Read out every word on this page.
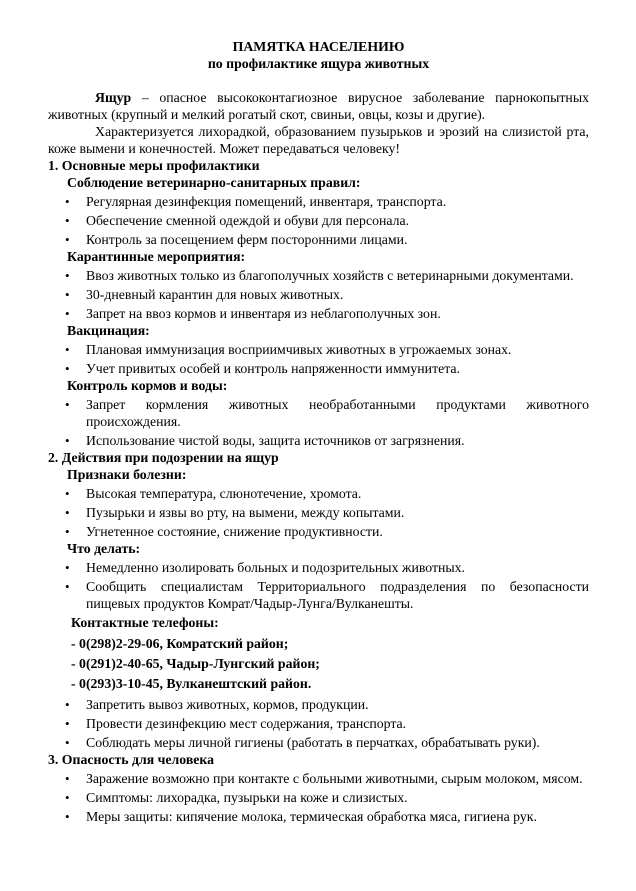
ПАМЯТКА НАСЕЛЕНИЮ

по профилактике ящура животных

Ящур – опасное высококонтагиозное вирусное заболевание парнокопытных животных (крупный и мелкий рогатый скот, свиньи, овцы, козы и другие).

Характеризуется лихорадкой, образованием пузырьков и эрозий на слизистой рта, коже вымени и конечностей. Может передаваться человеку!

1. Основные меры профилактики

Соблюдение ветеринарно-санитарных правил:

• Регулярная дезинфекция помещений, инвентаря, транспорта.
• Обеспечение сменной одеждой и обуви для персонала.
• Контроль за посещением ферм посторонними лицами.

Карантинные мероприятия:

• Ввоз животных только из благополучных хозяйств с ветеринарными документами.
• 30-дневный карантин для новых животных.
• Запрет на ввоз кормов и инвентаря из неблагополучных зон.

Вакцинация:

• Плановая иммунизация восприимчивых животных в угрожаемых зонах.
• Учет привитых особей и контроль напряженности иммунитета.

Контроль кормов и воды:

• Запрет кормления животных необработанными продуктами животного происхождения.
• Использование чистой воды, защита источников от загрязнения.

2. Действия при подозрении на ящур

Признаки болезни:

• Высокая температура, слюнотечение, хромота.
• Пузырьки и язвы во рту, на вымени, между копытами.
• Угнетенное состояние, снижение продуктивности.

Что делать:

• Немедленно изолировать больных и подозрительных животных.
• Сообщить специалистам Территориального подразделения по безопасности пищевых продуктов Комрат/Чадыр-Лунга/Вулканешты.

Контактные телефоны:

- 0(298)2-29-06, Комратский район;

- 0(291)2-40-65, Чадыр-Лунгский район;

- 0(293)3-10-45, Вулканештский район.

• Запретить вывоз животных, кормов, продукции.
• Провести дезинфекцию мест содержания, транспорта.
• Соблюдать меры личной гигиены (работать в перчатках, обрабатывать руки).

3. Опасность для человека

• Заражение возможно при контакте с больными животными, сырым молоком, мясом.
• Симптомы: лихорадка, пузырьки на коже и слизистых.
• Меры защиты: кипячение молока, термическая обработка мяса, гигиена рук.
